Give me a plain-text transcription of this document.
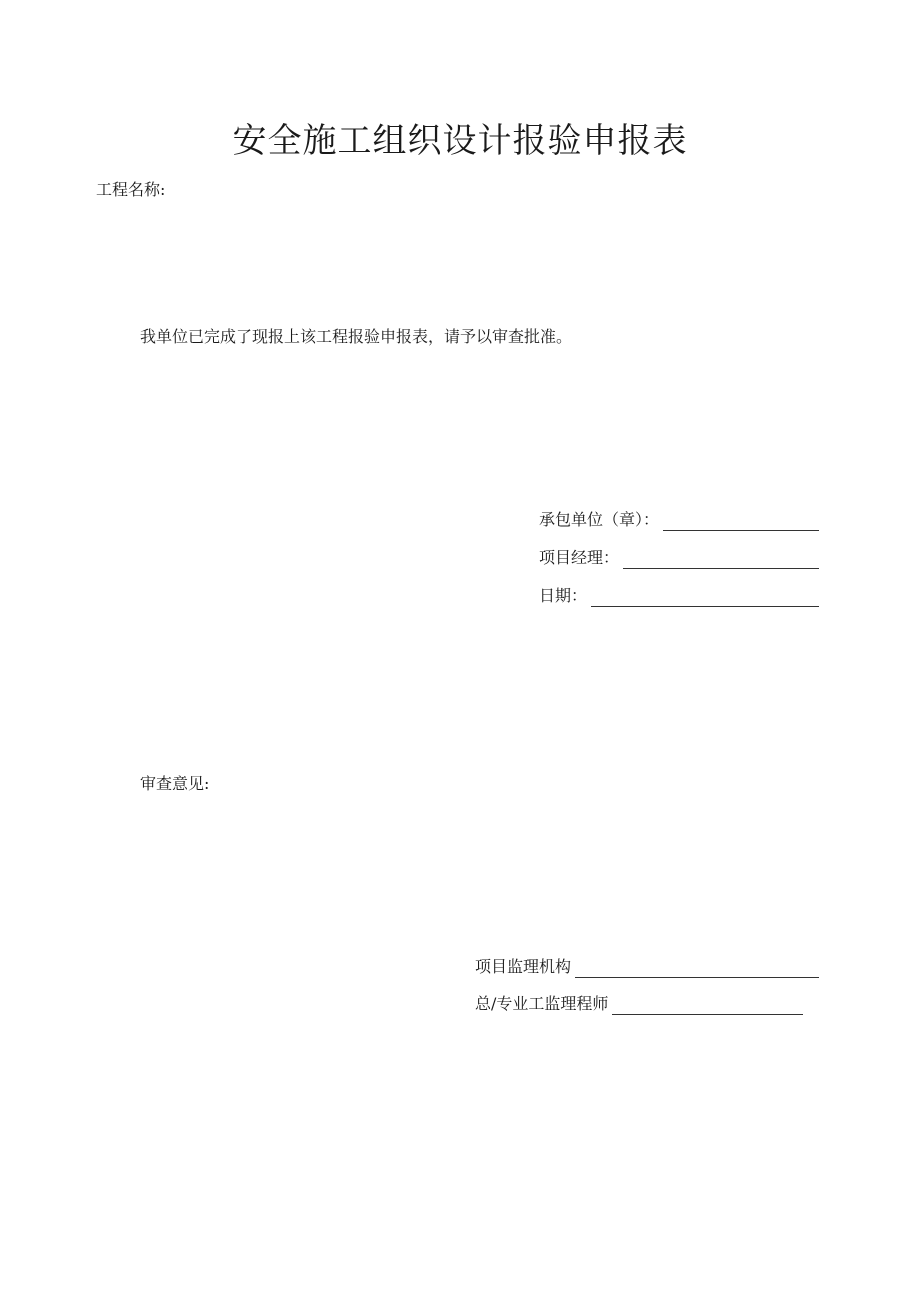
安全施工组织设计报验申报表
工程名称:
我单位已完成了现报上该工程报验申报表，请予以审查批准。
承包单位（章）：
项目经理：
日期：
审查意见:
项目监理机构
总/专业工监理程师
